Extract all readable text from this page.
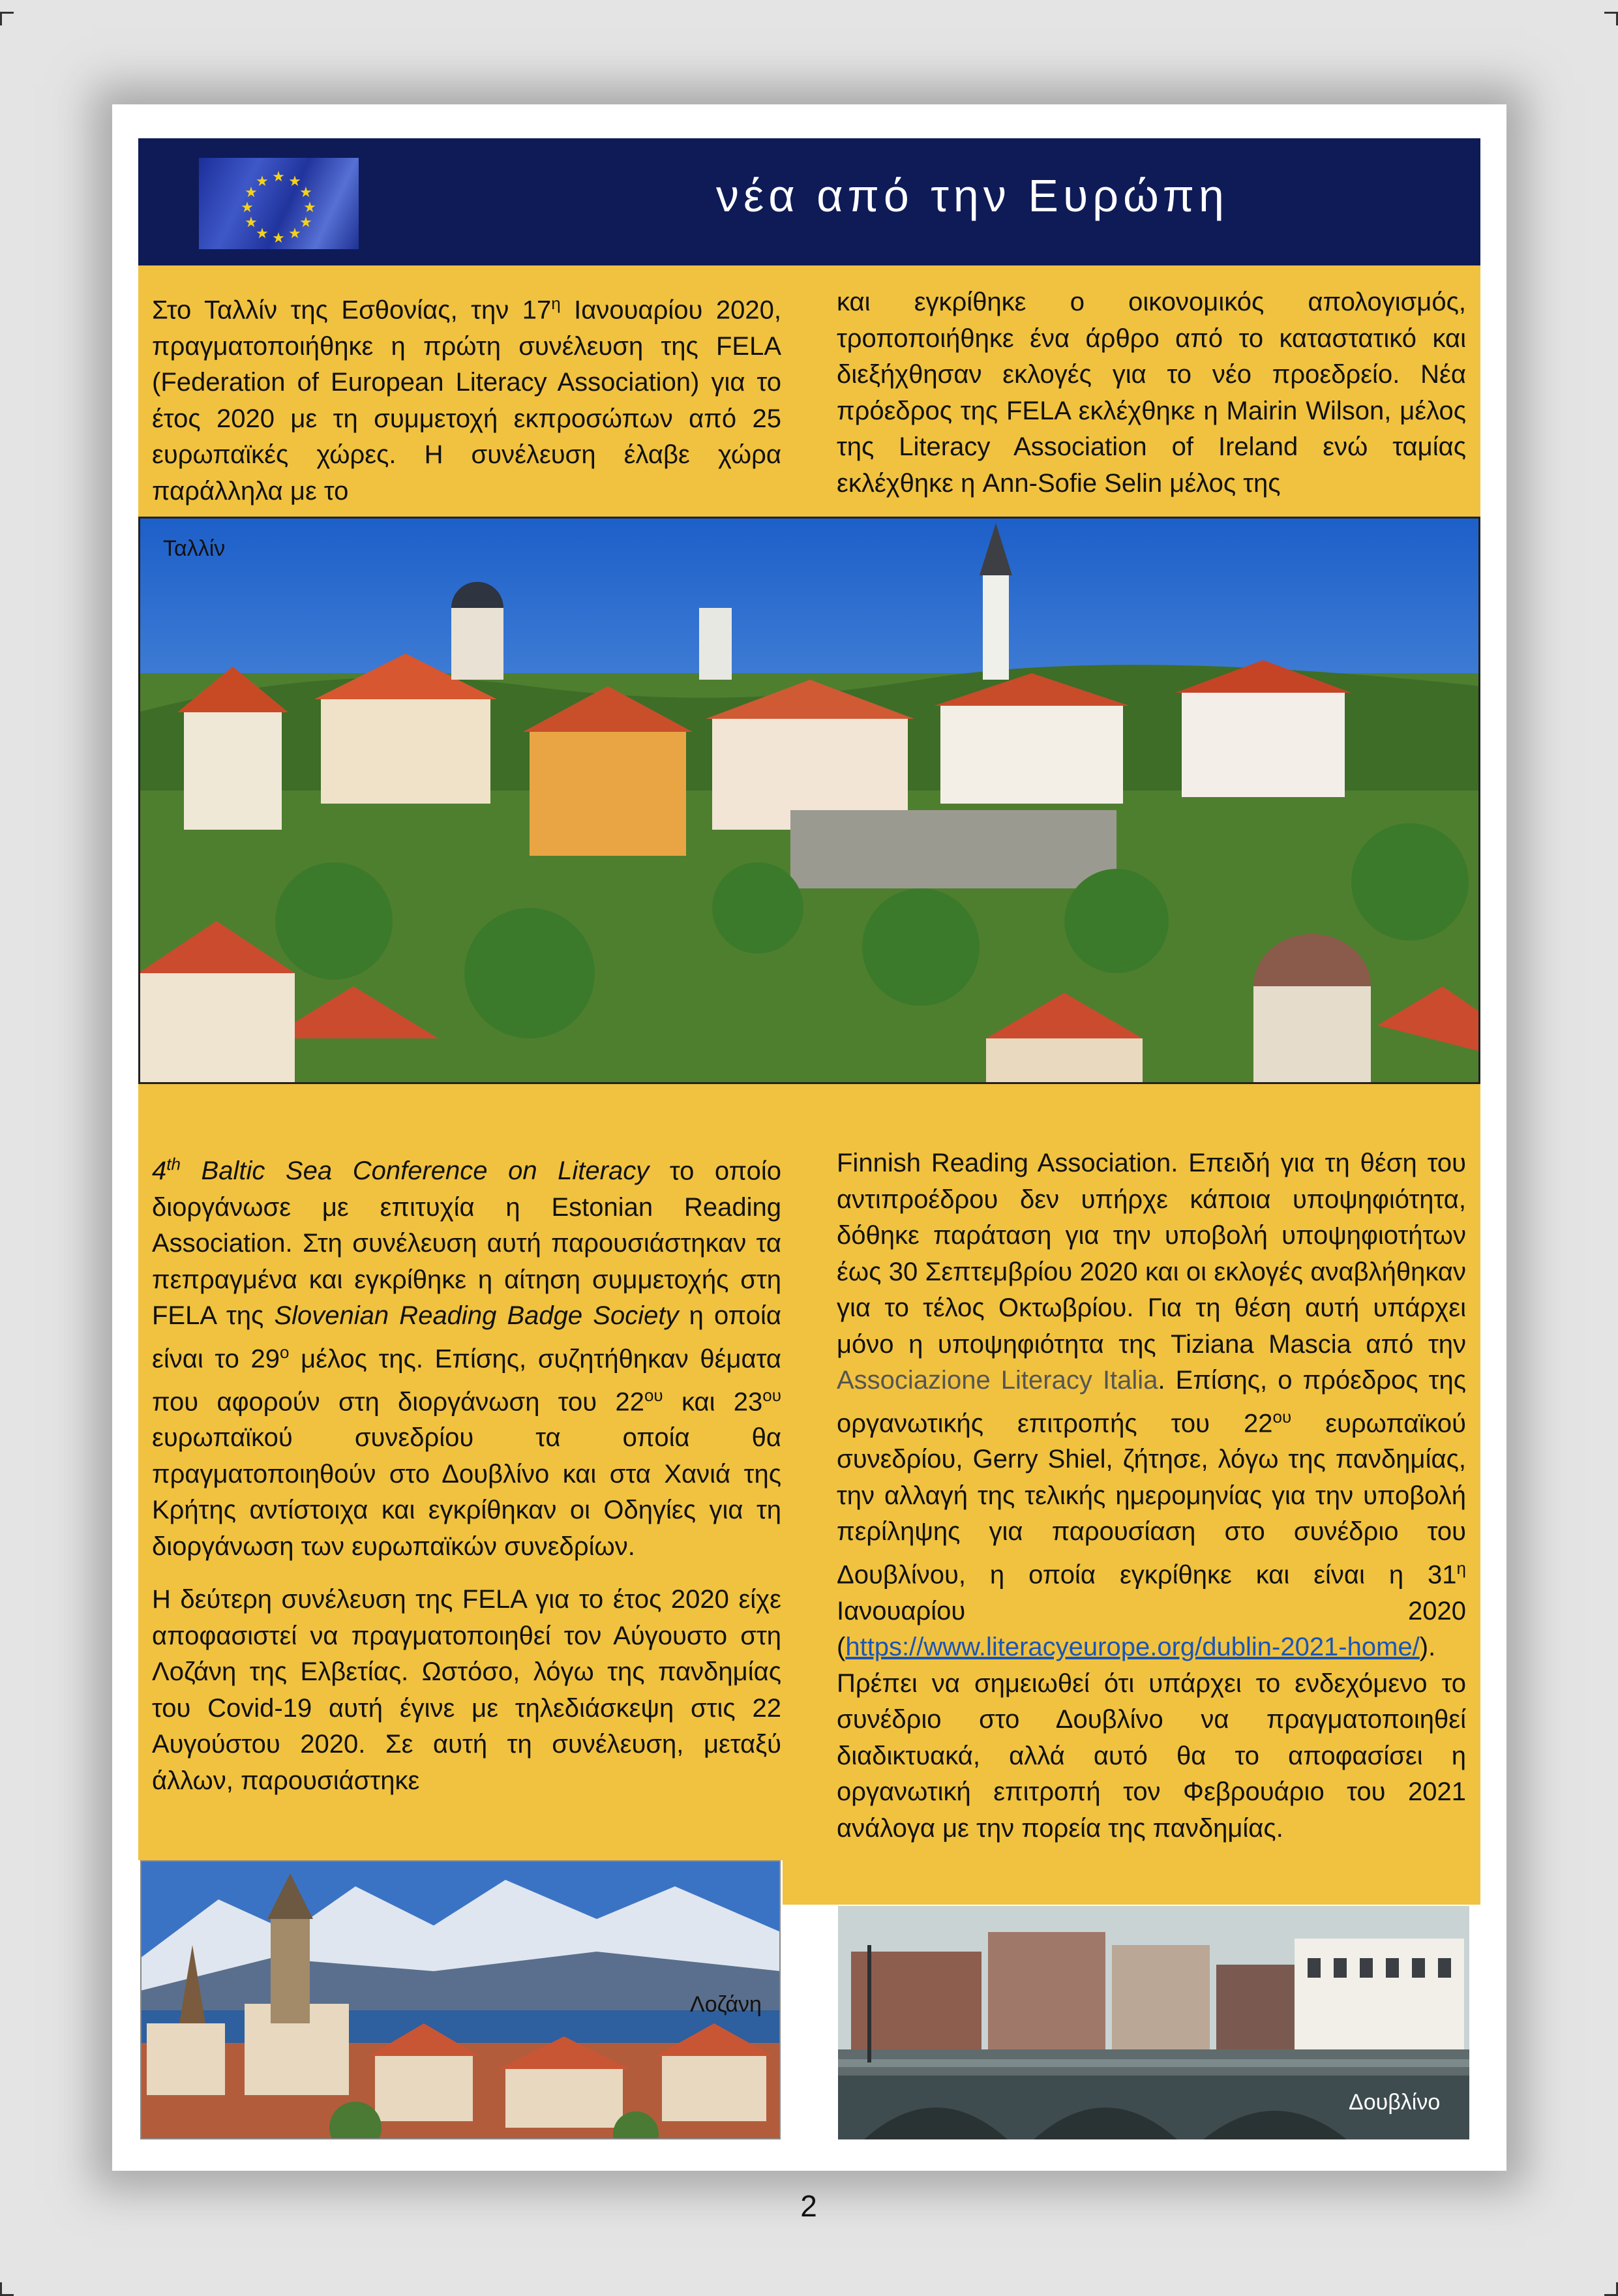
★ ★
★
★
★
★
★
★
★
★
★
★	νέα από την Ευρώπη

Στο Ταλλίν της Εσθονίας, την $17^\eta$ Ιανουαρίου 2020, πραγματοποιήθηκε η πρώτη συνέλευση της FELA (Federation of European Literacy Association) για το έτος 2020 με τη συμμετοχή εκπροσώπων από 25 ευρωπαϊκές χώρες. Η συνέλευση έλαβε χώρα παράλληλα με το

και εγκρίθηκε ο οικονομικός απολογισμός, τροποποιήθηκε ένα άρθρο από το καταστατικό και διεξήχθησαν εκλογές για το νέο προεδρείο. Νέα πρόεδρος της FELA εκλέχθηκε η Mairin Wilson, μέλος της Literacy Association of Ireland ενώ ταμίας εκλέχθηκε η Ann-Sofie Selin μέλος της

Ταλλίν

4th Baltic Sea Conference on Literacy το οποίο διοργάνωσε με επιτυχία η Estonian Reading Association. Στη συνέλευση αυτή παρουσιάστηκαν τα πεπραγμένα και εγκρίθηκε η αίτηση συμμετοχής στη FELA της Slovenian Reading Badge Society η οποία είναι το $29^o$ μέλος της. Επίσης, συζητήθηκαν θέματα που αφορούν στη διοργάνωση του $22^{o\upsilon}$ και $23^{o\upsilon}$ ευρωπαϊκού συνεδρίου τα οποία θα πραγματοποιηθούν στο Δουβλίνο και στα Χανιά της Κρήτης αντίστοιχα και εγκρίθηκαν οι Οδηγίες για τη διοργάνωση των ευρωπαϊκών συνεδρίων.

Η δεύτερη συνέλευση της FELA για το έτος 2020 είχε αποφασιστεί να πραγματοποιηθεί τον Αύγουστο στη Λοζάνη της Ελβετίας. Ωστόσο, λόγω της πανδημίας του Covid-19 αυτή έγινε με τηλεδιάσκεψη στις 22 Αυγούστου 2020. Σε αυτή τη συνέλευση, μεταξύ άλλων, παρουσιάστηκε

Finnish Reading Association. Επειδή για τη θέση του αντιπροέδρου δεν υπήρχε κάποια υποψηφιότητα, δόθηκε παράταση για την υποβολή υποψηφιοτήτων έως 30 Σεπτεμβρίου 2020 και οι εκλογές αναβλήθηκαν για το τέλος Οκτωβρίου. Για τη θέση αυτή υπάρχει μόνο η υποψηφιότητα της Tiziana Mascia από την Associazione Literacy Italia. Επίσης, ο πρόεδρος της οργανωτικής επιτροπής του $22^{o\upsilon}$ ευρωπαϊκού συνεδρίου, Gerry Shiel, ζήτησε, λόγω της πανδημίας, την αλλαγή της τελικής ημερομηνίας για την υποβολή περίληψης για παρουσίαση στο συνέδριο του Δουβλίνου, η οποία εγκρίθηκε και είναι η $31^\eta$ Ιανουαρίου 2020 (https://www.literacyeurope.org/dublin-2021-home/). Πρέπει να σημειωθεί ότι υπάρχει το ενδεχόμενο το συνέδριο στο Δουβλίνο να πραγματοποιηθεί διαδικτυακά, αλλά αυτό θα το αποφασίσει η οργανωτική επιτροπή τον Φεβρουάριο του 2021 ανάλογα με την πορεία της πανδημίας.

Λοζάνη
Δουβλίνο
2
